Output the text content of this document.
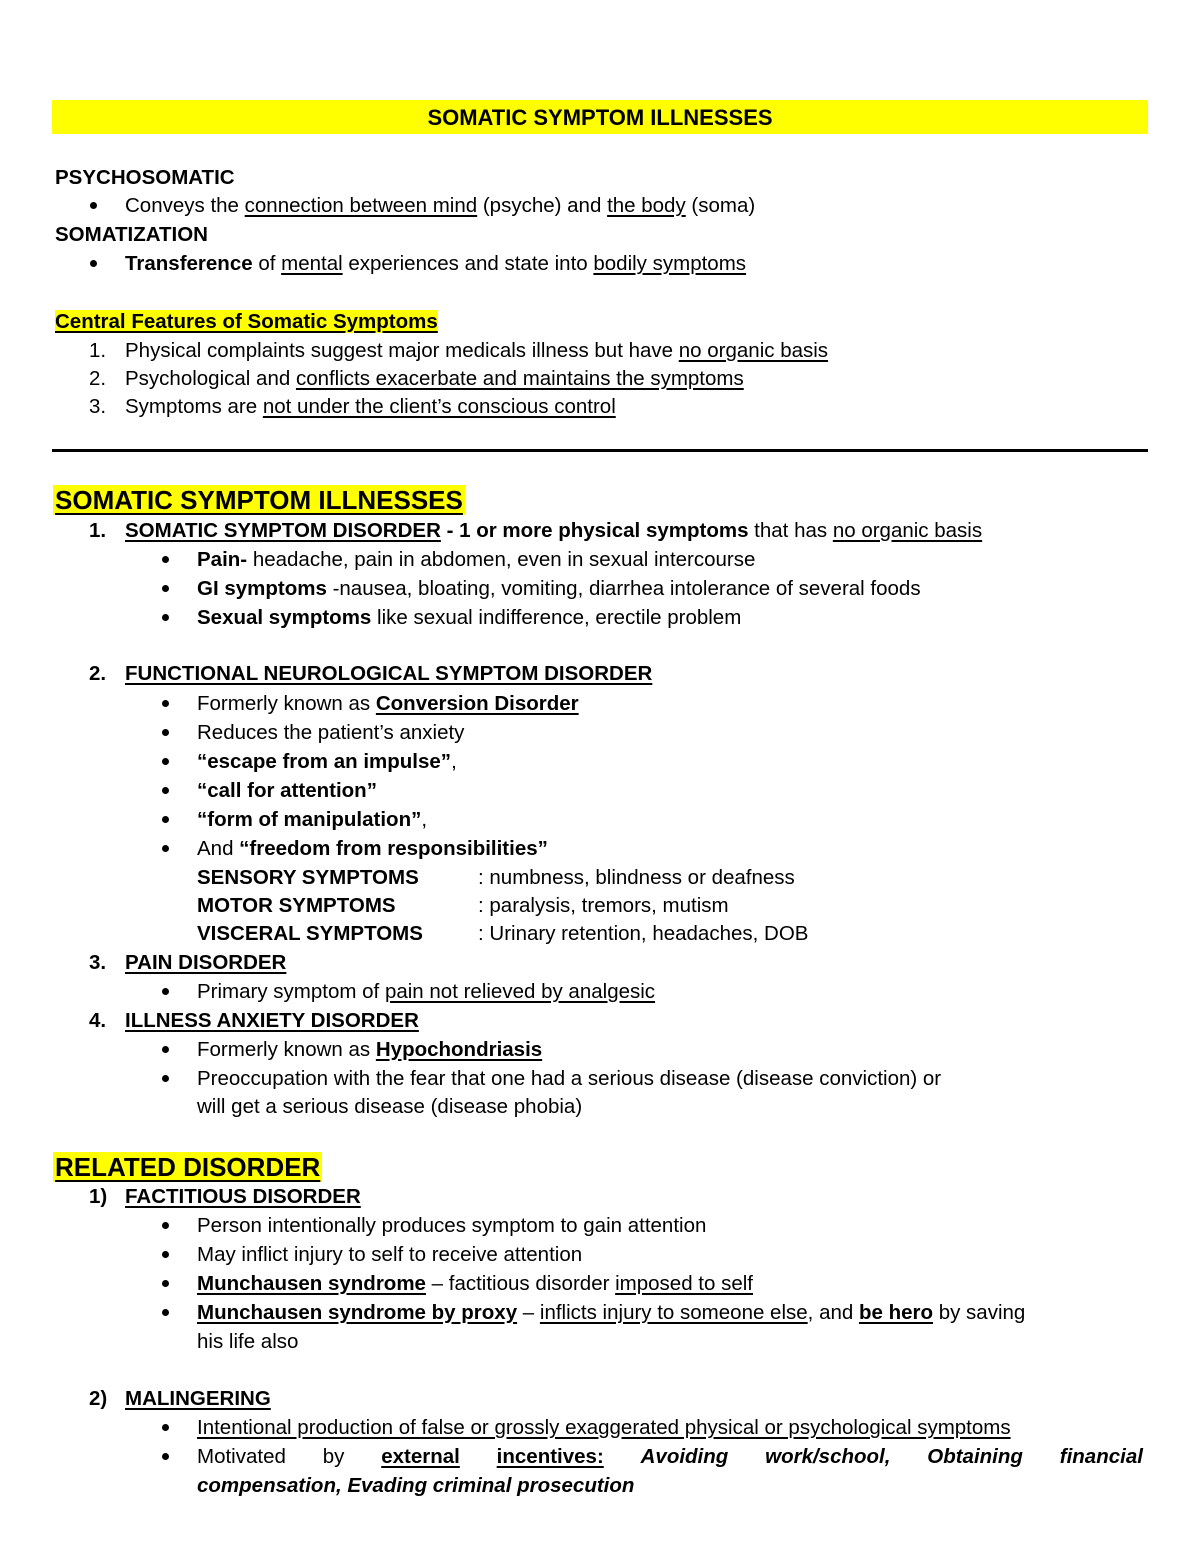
SOMATIC SYMPTOM ILLNESSES
PSYCHOSOMATIC
Conveys the connection between mind (psyche) and the body (soma)
SOMATIZATION
Transference of mental experiences and state into bodily symptoms
Central Features of Somatic Symptoms
1. Physical complaints suggest major medicals illness but have no organic basis
2. Psychological and conflicts exacerbate and maintains the symptoms
3. Symptoms are not under the client’s conscious control
SOMATIC SYMPTOM ILLNESSES
1. SOMATIC SYMPTOM DISORDER - 1 or more physical symptoms that has no organic basis
Pain- headache, pain in abdomen, even in sexual intercourse
GI symptoms -nausea, bloating, vomiting, diarrhea intolerance of several foods
Sexual symptoms like sexual indifference, erectile problem
2. FUNCTIONAL NEUROLOGICAL SYMPTOM DISORDER
Formerly known as Conversion Disorder
Reduces the patient’s anxiety
“escape from an impulse”,
“call for attention”
“form of manipulation”,
And “freedom from responsibilities”
SENSORY SYMPTOMS	: numbness, blindness or deafness
MOTOR SYMPTOMS	: paralysis, tremors, mutism
VISCERAL SYMPTOMS	: Urinary retention, headaches, DOB
3. PAIN DISORDER
Primary symptom of pain not relieved by analgesic
4. ILLNESS ANXIETY DISORDER
Formerly known as Hypochondriasis
Preoccupation with the fear that one had a serious disease (disease conviction) or
will get a serious disease (disease phobia)
RELATED DISORDER
1) FACTITIOUS DISORDER
Person intentionally produces symptom to gain attention
May inflict injury to self to receive attention
Munchausen syndrome – factitious disorder imposed to self
Munchausen syndrome by proxy – inflicts injury to someone else, and be hero by saving
his life also
2) MALINGERING
Intentional production of false or grossly exaggerated physical or psychological symptoms
Motivated by external incentives: Avoiding work/school, Obtaining financial
compensation, Evading criminal prosecution
